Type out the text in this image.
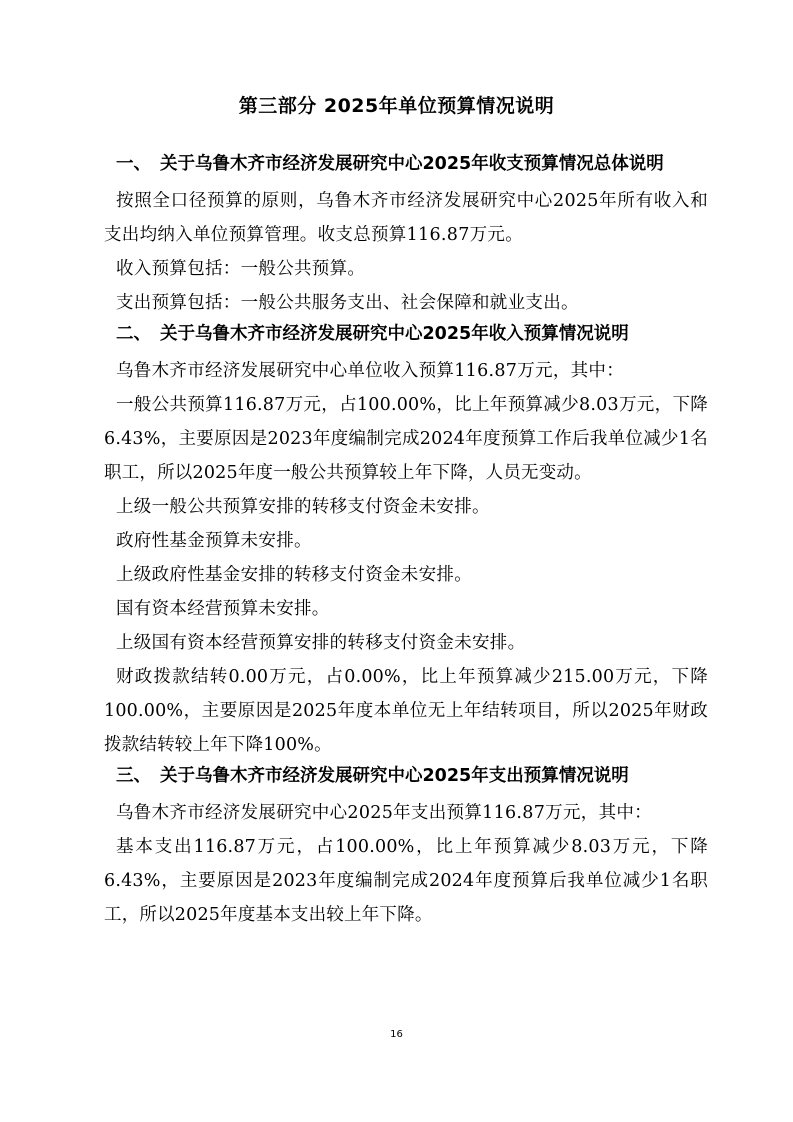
第三部分 2025年单位预算情况说明
一、 关于乌鲁木齐市经济发展研究中心2025年收支预算情况总体说明

按照全口径预算的原则，乌鲁木齐市经济发展研究中心2025年所有收入和支出均纳入单位预算管理。收支总预算116.87万元。

收入预算包括：一般公共预算。

支出预算包括：一般公共服务支出、社会保障和就业支出。

二、 关于乌鲁木齐市经济发展研究中心2025年收入预算情况说明

乌鲁木齐市经济发展研究中心单位收入预算116.87万元，其中：

一般公共预算116.87万元，占100.00%，比上年预算减少8.03万元，下降6.43%，主要原因是2023年度编制完成2024年度预算工作后我单位减少1名职工，所以2025年度一般公共预算较上年下降，人员无变动。

上级一般公共预算安排的转移支付资金未安排。

政府性基金预算未安排。

上级政府性基金安排的转移支付资金未安排。

国有资本经营预算未安排。

上级国有资本经营预算安排的转移支付资金未安排。

财政拨款结转0.00万元，占0.00%，比上年预算减少215.00万元，下降100.00%，主要原因是2025年度本单位无上年结转项目，所以2025年财政拨款结转较上年下降100%。

三、 关于乌鲁木齐市经济发展研究中心2025年支出预算情况说明

乌鲁木齐市经济发展研究中心2025年支出预算116.87万元，其中：

基本支出116.87万元，占100.00%，比上年预算减少8.03万元，下降6.43%，主要原因是2023年度编制完成2024年度预算后我单位减少1名职工，所以2025年度基本支出较上年下降。

16
